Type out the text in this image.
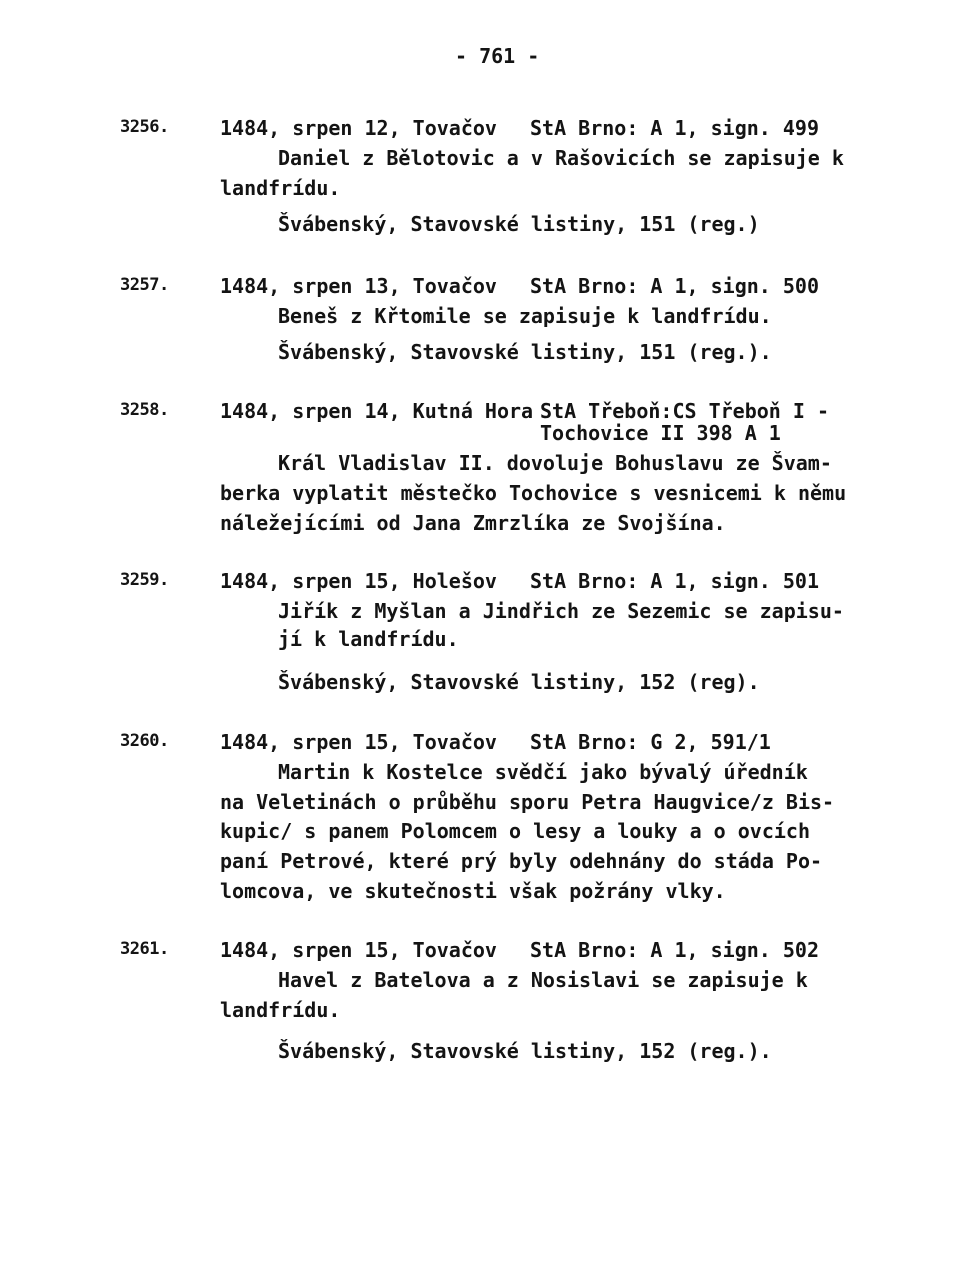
- 761 -
3256.	1484, srpen 12, Tovačov StA Brno: A 1, sign. 499
Daniel z Bělotovic a v Rašovicích se zapisuje k
landfrídu.
Švábenský, Stavovské listiny, 151 (reg.)
3257.	1484, srpen 13, Tovačov StA Brno: A 1, sign. 500
Beneš z Křtomile se zapisuje k landfrídu.
Švábenský, Stavovské listiny, 151 (reg.).
3258.	1484, srpen 14, Kutná Hora StA Třeboň:CS Třeboň I -
Tochovice II 398 A 1
Král Vladislav II. dovoluje Bohuslavu ze Švam-
berka vyplatit městečko Tochovice s vesnicemi k němu
náležejícími od Jana Zmrzlíka ze Svojšína.
3259.	1484, srpen 15, Holešov StA Brno: A 1, sign. 501
Jiřík z Myšlan a Jindřich ze Sezemic se zapisu-
jí k landfrídu.
Švábenský, Stavovské listiny, 152 (reg).
3260.	1484, srpen 15, Tovačov StA Brno: G 2, 591/1
Martin k Kostelce svědčí jako bývalý úředník
na Veletinách o průběhu sporu Petra Haugvice/z Bis-
kupic/ s panem Polomcem o lesy a louky a o ovcích
paní Petrové, které prý byly odehnány do stáda Po-
lomcova, ve skutečnosti však požrány vlky.
3261.	1484, srpen 15, Tovačov StA Brno: A 1, sign. 502
Havel z Batelova a z Nosislavi se zapisuje k
landfrídu.
Švábenský, Stavovské listiny, 152 (reg.).
